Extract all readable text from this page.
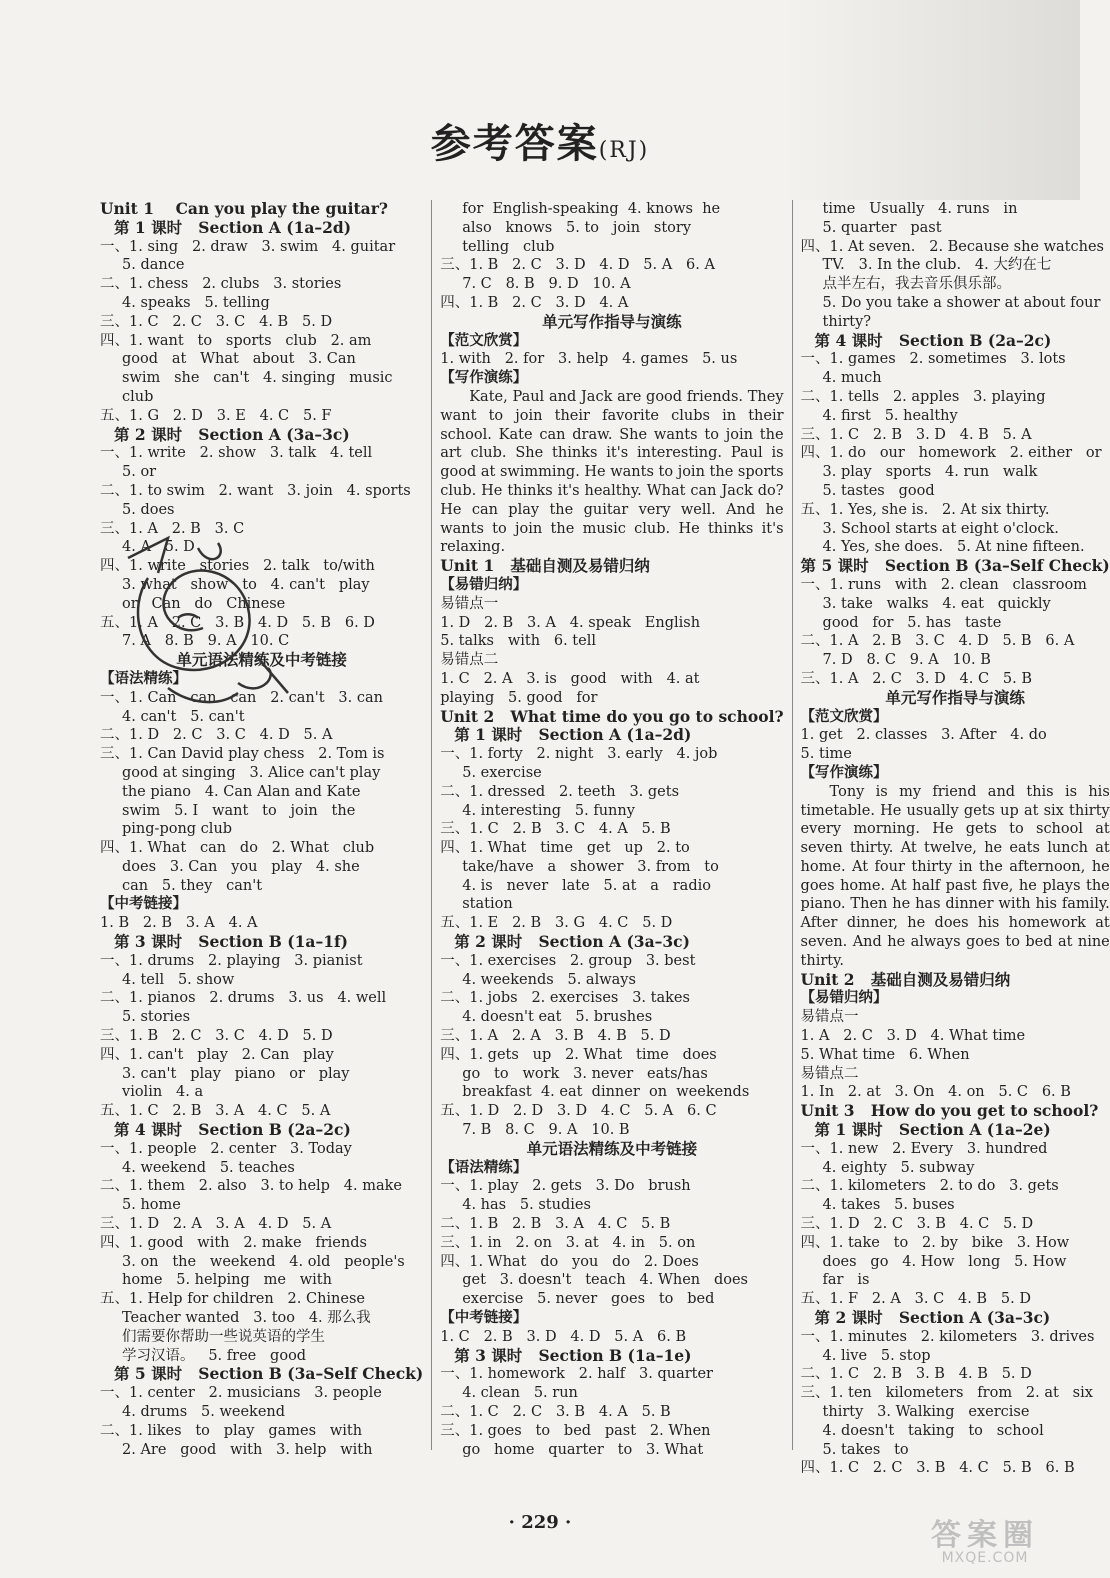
参考答案(RJ)
Unit 1    Can you play the guitar?
第 1 课时   Section A (1a–2d)
一、1. sing   2. draw   3. swim   4. guitar
5. dance
二、1. chess   2. clubs   3. stories
4. speaks   5. telling
三、1. C   2. C   3. C   4. B   5. D
四、1. want   to   sports   club   2. am
good   at   What   about   3. Can
swim   she   can't   4. singing   music
club
五、1. G   2. D   3. E   4. C   5. F
第 2 课时   Section A (3a–3c)
一、1. write   2. show   3. talk   4. tell
5. or
二、1. to swim   2. want   3. join   4. sports
5. does
三、1. A   2. B   3. C
4. A   5. D
四、1. write   stories   2. talk   to/with
3. what   show   to   4. can't   play
or   Can   do   Chinese
五、1. A   2. C   3. B   4. D   5. B   6. D
7. A   8. B   9. A   10. C
单元语法精练及中考链接
【语法精练】
一、1. Can   can   can   2. can't   3. can
4. can't   5. can't
二、1. D   2. C   3. C   4. D   5. A
三、1. Can David play chess   2. Tom is
good at singing   3. Alice can't play
the piano   4. Can Alan and Kate
swim   5. I   want   to   join   the
ping-pong club
四、1. What   can   do   2. What   club
does   3. Can   you   play   4. she
can   5. they   can't
【中考链接】
1. B   2. B   3. A   4. A
第 3 课时   Section B (1a–1f)
一、1. drums   2. playing   3. pianist
4. tell   5. show
二、1. pianos   2. drums   3. us   4. well
5. stories
三、1. B   2. C   3. C   4. D   5. D
四、1. can't   play   2. Can   play
3. can't   play   piano   or   play
violin   4. a
五、1. C   2. B   3. A   4. C   5. A
第 4 课时   Section B (2a–2c)
一、1. people   2. center   3. Today
4. weekend   5. teaches
二、1. them   2. also   3. to help   4. make
5. home
三、1. D   2. A   3. A   4. D   5. A
四、1. good   with   2. make   friends
3. on   the   weekend   4. old   people's
home   5. helping   me   with
五、1. Help for children   2. Chinese
Teacher wanted   3. too   4. 那么我
们需要你帮助一些说英语的学生
学习汉语。   5. free   good
第 5 课时   Section B (3a–Self Check)
一、1. center   2. musicians   3. people
4. drums   5. weekend
二、1. likes   to   play   games   with
2. Are   good   with   3. help   with
for  English-speaking  4. knows  he
also   knows   5. to   join   story
telling   club
三、1. B   2. C   3. D   4. D   5. A   6. A
7. C   8. B   9. D   10. A
四、1. B   2. C   3. D   4. A
单元写作指导与演练
【范文欣赏】
1. with   2. for   3. help   4. games   5. us
【写作演练】
Kate, Paul and Jack are good friends. They want to join their favorite clubs in their school. Kate can draw. She wants to join the art club. She thinks it's interesting. Paul is good at swimming. He wants to join the sports club. He thinks it's healthy. What can Jack do? He can play the guitar very well. And he wants to join the music club. He thinks it's relaxing.
Unit 1   基础自测及易错归纳
【易错归纳】
易错点一
1. D   2. B   3. A   4. speak   English
5. talks   with   6. tell
易错点二
1. C   2. A   3. is   good   with   4. at
playing   5. good   for
Unit 2   What time do you go to school?
第 1 课时   Section A (1a–2d)
一、1. forty   2. night   3. early   4. job
5. exercise
二、1. dressed   2. teeth   3. gets
4. interesting   5. funny
三、1. C   2. B   3. C   4. A   5. B
四、1. What   time   get   up   2. to
take/have   a   shower   3. from   to
4. is   never   late   5. at   a   radio
station
五、1. E   2. B   3. G   4. C   5. D
第 2 课时   Section A (3a–3c)
一、1. exercises   2. group   3. best
4. weekends   5. always
二、1. jobs   2. exercises   3. takes
4. doesn't eat   5. brushes
三、1. A   2. A   3. B   4. B   5. D
四、1. gets   up   2. What   time   does
go   to   work   3. never   eats/has
breakfast  4. eat  dinner  on  weekends
五、1. D   2. D   3. D   4. C   5. A   6. C
7. B   8. C   9. A   10. B
单元语法精练及中考链接
【语法精练】
一、1. play   2. gets   3. Do   brush
4. has   5. studies
二、1. B   2. B   3. A   4. C   5. B
三、1. in   2. on   3. at   4. in   5. on
四、1. What   do   you   do   2. Does
get   3. doesn't   teach   4. When   does
exercise   5. never   goes   to   bed
【中考链接】
1. C   2. B   3. D   4. D   5. A   6. B
第 3 课时   Section B (1a–1e)
一、1. homework   2. half   3. quarter
4. clean   5. run
二、1. C   2. C   3. B   4. A   5. B
三、1. goes   to   bed   past   2. When
go   home   quarter   to   3. What
time   Usually   4. runs   in
5. quarter   past
四、1. At seven.   2. Because she watches
TV.   3. In the club.   4. 大约在七
点半左右，我去音乐俱乐部。
5. Do you take a shower at about four
thirty?
第 4 课时   Section B (2a–2c)
一、1. games   2. sometimes   3. lots
4. much
二、1. tells   2. apples   3. playing
4. first   5. healthy
三、1. C   2. B   3. D   4. B   5. A
四、1. do   our   homework   2. either   or
3. play   sports   4. run   walk
5. tastes   good
五、1. Yes, she is.   2. At six thirty.
3. School starts at eight o'clock.
4. Yes, she does.   5. At nine fifteen.
第 5 课时   Section B (3a–Self Check)
一、1. runs   with   2. clean   classroom
3. take   walks   4. eat   quickly
good   for   5. has   taste
二、1. A   2. B   3. C   4. D   5. B   6. A
7. D   8. C   9. A   10. B
三、1. A   2. C   3. D   4. C   5. B
单元写作指导与演练
【范文欣赏】
1. get   2. classes   3. After   4. do
5. time
【写作演练】
Tony is my friend and this is his timetable. He usually gets up at six thirty every morning. He gets to school at seven thirty. At twelve, he eats lunch at home. At four thirty in the afternoon, he goes home. At half past five, he plays the piano. Then he has dinner with his family. After dinner, he does his homework at seven. And he always goes to bed at nine thirty.
Unit 2   基础自测及易错归纳
【易错归纳】
易错点一
1. A   2. C   3. D   4. What time
5. What time   6. When
易错点二
1. In   2. at   3. On   4. on   5. C   6. B
Unit 3   How do you get to school?
第 1 课时   Section A (1a–2e)
一、1. new   2. Every   3. hundred
4. eighty   5. subway
二、1. kilometers   2. to do   3. gets
4. takes   5. buses
三、1. D   2. C   3. B   4. C   5. D
四、1. take   to   2. by   bike   3. How
does   go   4. How   long   5. How
far   is
五、1. F   2. A   3. C   4. B   5. D
第 2 课时   Section A (3a–3c)
一、1. minutes   2. kilometers   3. drives
4. live   5. stop
二、1. C   2. B   3. B   4. B   5. D
三、1. ten   kilometers   from   2. at   six
thirty   3. Walking   exercise
4. doesn't   taking   to   school
5. takes   to
四、1. C   2. C   3. B   4. C   5. B   6. B
· 229 ·	答案圈
MXQE.COM
